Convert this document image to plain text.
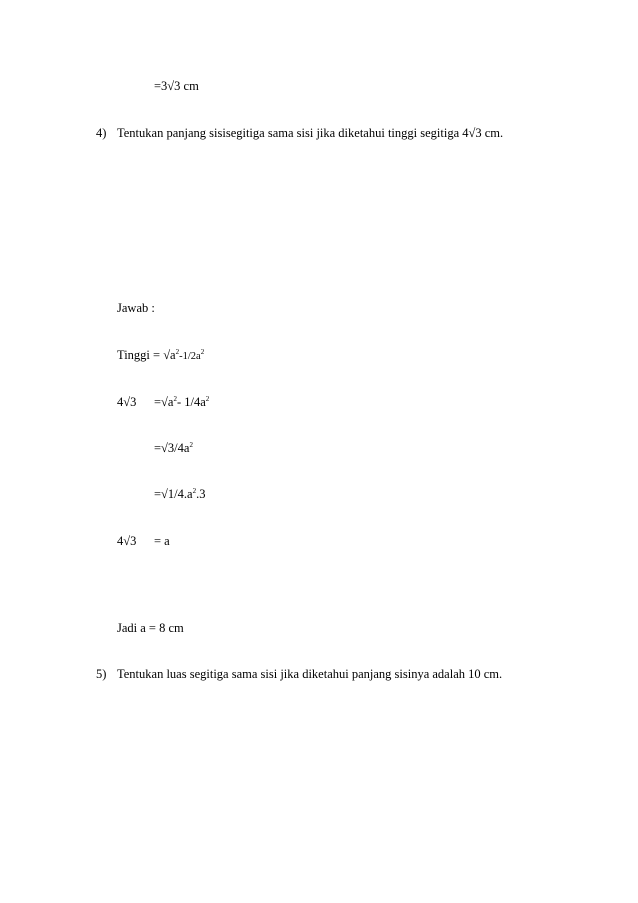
=3√3 cm
4) Tentukan panjang sisisegitiga sama sisi jika diketahui tinggi segitiga 4√3 cm.
Jawab :
Tinggi = $√a^2-1/2a^2$
$4√3 =√a^2-$ $1/4a^2$
$=√3/4a^2$
$=√1/4.a^2.3$
4√3 = a
Jadi a = 8 cm
5) Tentukan luas segitiga sama sisi jika diketahui panjang sisinya adalah 10 cm.
